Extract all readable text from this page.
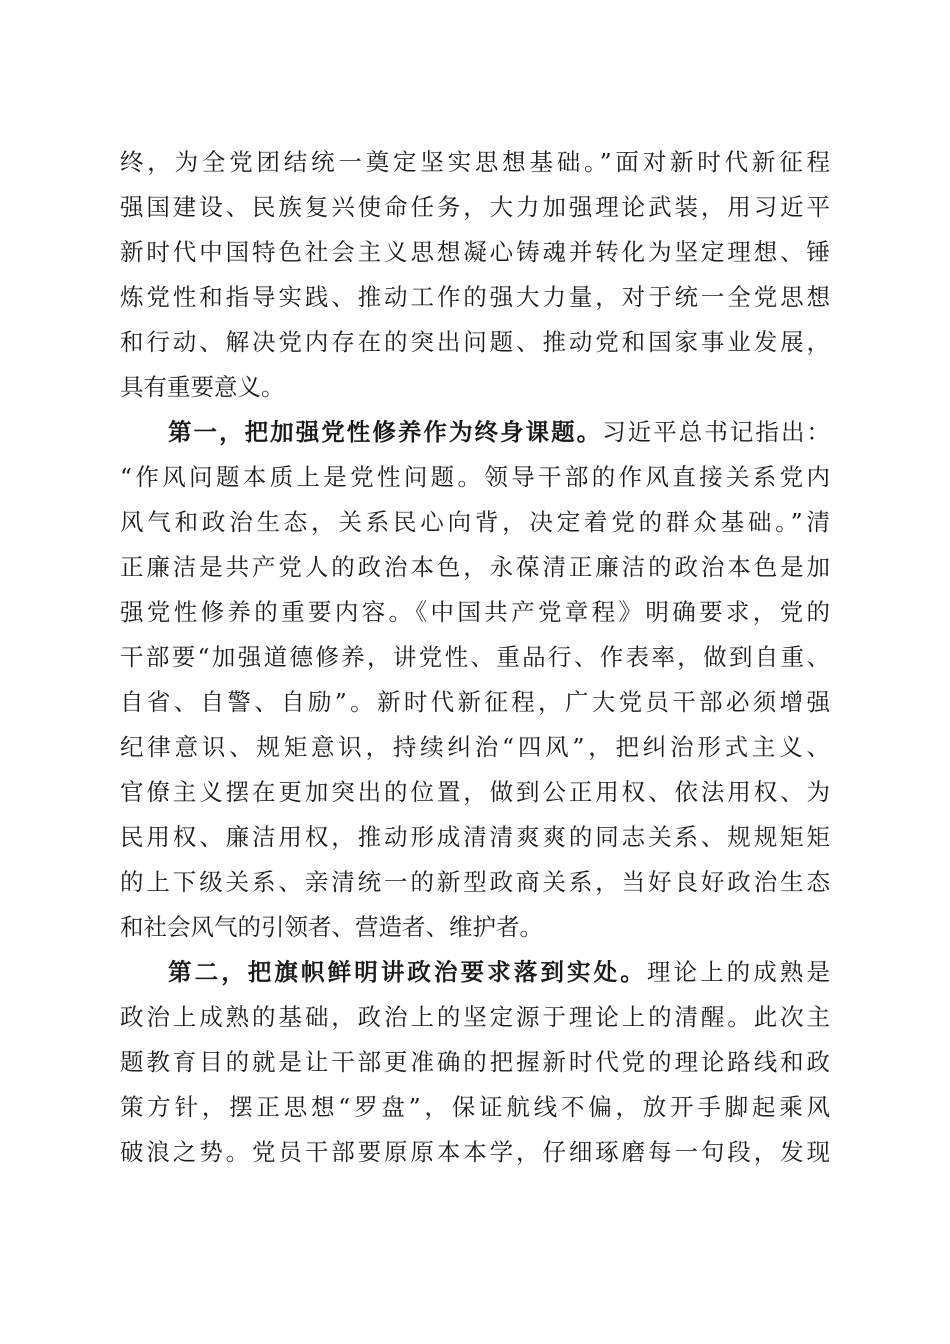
终，为全党团结统一奠定坚实思想基础。”面对新时代新征程
强国建设、民族复兴使命任务，大力加强理论武装，用习近平
新时代中国特色社会主义思想凝心铸魂并转化为坚定理想、锤
炼党性和指导实践、推动工作的强大力量，对于统一全党思想
和行动、解决党内存在的突出问题、推动党和国家事业发展，
具有重要意义。
第一，把加强党性修养作为终身课题。习近平总书记指出：
“作风问题本质上是党性问题。领导干部的作风直接关系党内
风气和政治生态，关系民心向背，决定着党的群众基础。”清
正廉洁是共产党人的政治本色，永葆清正廉洁的政治本色是加
强党性修养的重要内容。《中国共产党章程》明确要求，党的
干部要“加强道德修养，讲党性、重品行、作表率，做到自重、
自省、自警、自励”。新时代新征程，广大党员干部必须增强
纪律意识、规矩意识，持续纠治“四风”，把纠治形式主义、
官僚主义摆在更加突出的位置，做到公正用权、依法用权、为
民用权、廉洁用权，推动形成清清爽爽的同志关系、规规矩矩
的上下级关系、亲清统一的新型政商关系，当好良好政治生态
和社会风气的引领者、营造者、维护者。
第二，把旗帜鲜明讲政治要求落到实处。理论上的成熟是
政治上成熟的基础，政治上的坚定源于理论上的清醒。此次主
题教育目的就是让干部更准确的把握新时代党的理论路线和政
策方针，摆正思想“罗盘”，保证航线不偏，放开手脚起乘风
破浪之势。党员干部要原原本本学，仔细琢磨每一句段，发现
